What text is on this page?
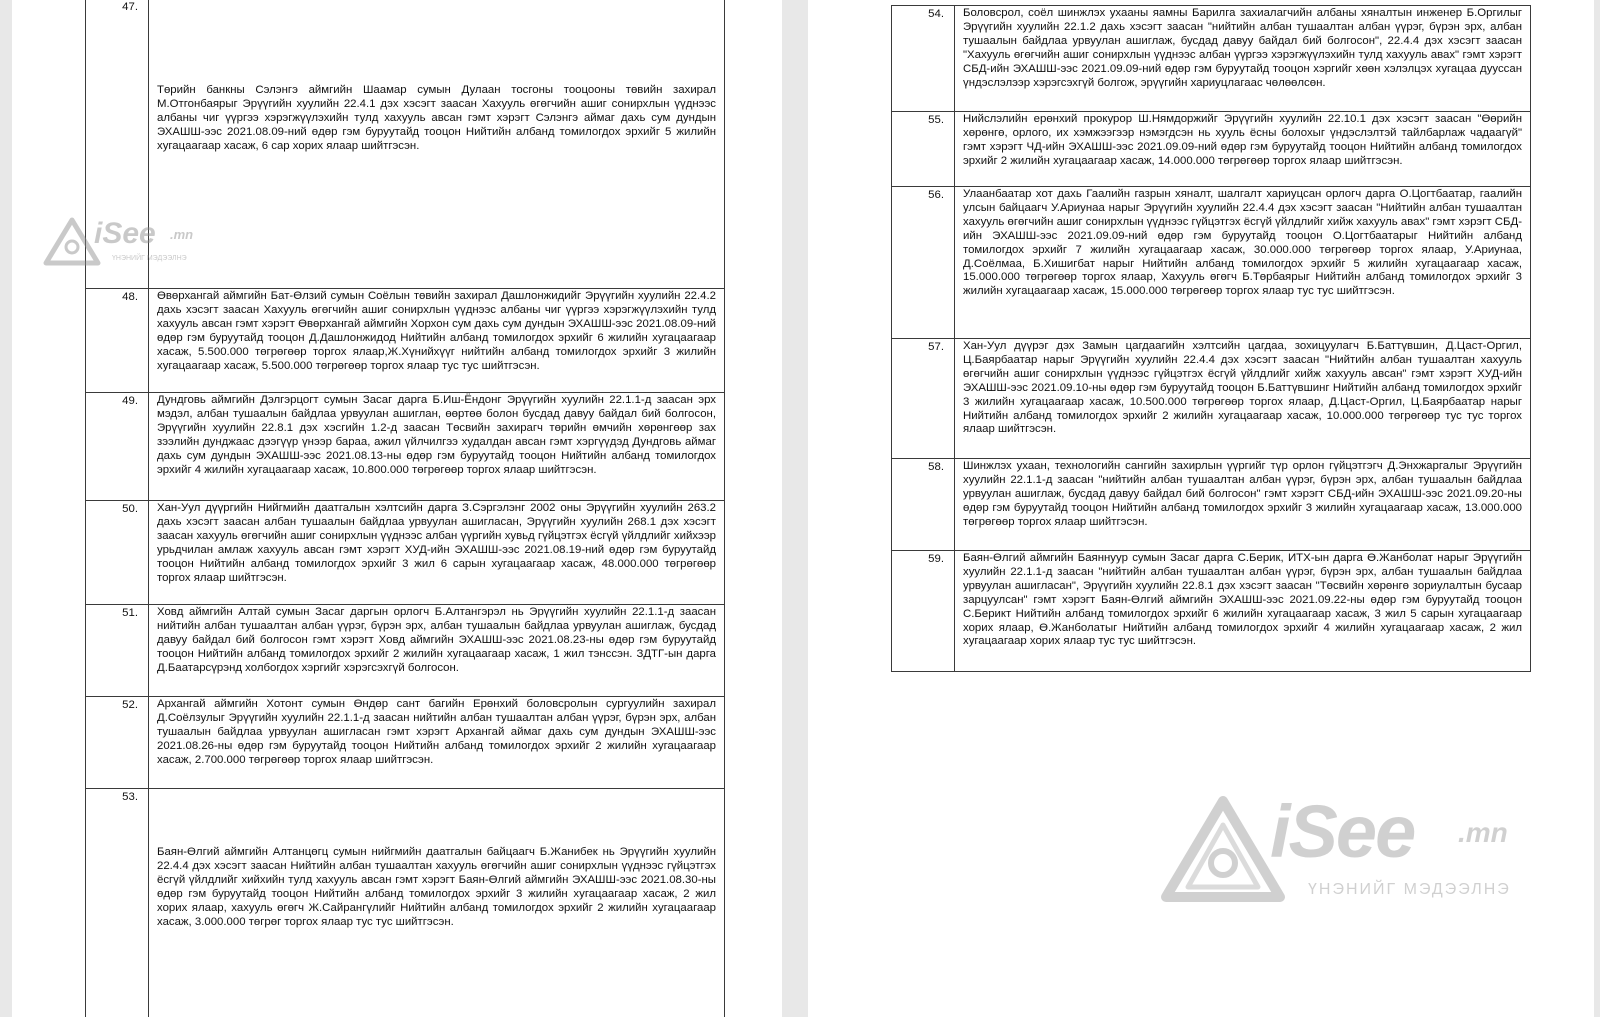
47.	Төрийн банкны Сэлэнгэ аймгийн Шаамар сумын Дулаан тосгоны тооцооны төвийн захирал М.Отгонбаярыг Эрүүгийн хуулийн 22.4.1 дэх хэсэгт заасан Хахууль өгөгчийн ашиг сонирхлын үүднээс албаны чиг үүргээ хэрэгжүүлэхийн тулд хахууль авсан гэмт хэрэгт Сэлэнгэ аймаг дахь сум дундын ЭХАШШ-ээс 2021.08.09-ний өдөр гэм буруутайд тооцон Нийтийн албанд томилогдох эрхийг 5 жилийн хугацаагаар хасаж, 6 сар хорих ялаар шийтгэсэн.
48.	Өвөрхангай аймгийн Бат-Өлзий сумын Соёлын төвийн захирал Дашлонжидийг Эрүүгийн хуулийн 22.4.2 дахь хэсэгт заасан Хахууль өгөгчийн ашиг сонирхлын үүднээс албаны чиг үүргээ хэрэгжүүлэхийн тулд хахууль авсан гэмт хэрэгт Өвөрхангай аймгийн Хорхон сум дахь сум дундын ЭХАШШ-ээс 2021.08.09-ний өдөр гэм буруутайд тооцон Д.Дашлонжидод Нийтийн албанд томилогдох эрхийг 6 жилийн хугацаагаар хасаж, 5.500.000 төгрөгөөр торгох ялаар,Ж.Хүнийхүүг нийтийн албанд томилогдох эрхийг 3 жилийн хугацаагаар хасаж, 5.500.000 төгрөгөөр торгох ялаар тус тус шийтгэсэн.
49.	Дундговь аймгийн Дэлгэрцогт сумын Засаг дарга Б.Иш-Ёндонг Эрүүгийн хуулийн 22.1.1-д заасан эрх мэдэл, албан тушаалын байдлаа урвуулан ашиглан, өөртөө болон бусдад давуу байдал бий болгосон, Эрүүгийн хуулийн 22.8.1 дэх хэсгийн 1.2-д заасан Төсвийн захирагч төрийн өмчийн хөрөнгөөр зах зээлийн дунджаас дээгүүр үнээр бараа, ажил үйлчилгээ худалдан авсан гэмт хэргүүдэд Дундговь аймаг дахь сум дундын ЭХАШШ-ээс 2021.08.13-ны өдөр гэм буруутайд тооцон Нийтийн албанд томилогдох эрхийг 4 жилийн хугацаагаар хасаж, 10.800.000 төгрөгөөр торгох ялаар шийтгэсэн.
50.	Хан-Уул дүүргийн Нийгмийн даатгалын хэлтсийн дарга З.Сэргэлэнг 2002 оны Эрүүгийн хуулийн 263.2 дахь хэсэгт заасан албан тушаалын байдлаа урвуулан ашигласан, Эрүүгийн хуулийн 268.1 дэх хэсэгт заасан хахууль өгөгчийн ашиг сонирхлын үүднээс албан үүргийн хувьд гүйцэтгэх ёсгүй үйлдлийг хийхээр урьдчилан амлаж хахууль авсан гэмт хэрэгт ХУД-ийн ЭХАШШ-ээс 2021.08.19-ний өдөр гэм буруутайд тооцон Нийтийн албанд томилогдох эрхийг 3 жил 6 сарын хугацаагаар хасаж, 48.000.000 төгрөгөөр торгох ялаар шийтгэсэн.
51.	Ховд аймгийн Алтай сумын Засаг даргын орлогч Б.Алтангэрэл нь Эрүүгийн хуулийн 22.1.1-д заасан нийтийн албан тушаалтан албан үүрэг, бүрэн эрх, албан тушаалын байдлаа урвуулан ашиглаж, бусдад давуу байдал бий болгосон гэмт хэрэгт Ховд аймгийн ЭХАШШ-ээс 2021.08.23-ны өдөр гэм буруутайд тооцон Нийтийн албанд томилогдох эрхийг 2 жилийн хугацаагаар хасаж, 1 жил тэнссэн. ЗДТГ-ын дарга Д.Баатарсүрэнд холбогдох хэргийг хэрэгсэхгүй болгосон.
52.	Архангай аймгийн Хотонт сумын Өндөр сант багийн Ерөнхий боловсролын сургуулийн захирал Д.Соёлзулыг Эрүүгийн хуулийн 22.1.1-д заасан нийтийн албан тушаалтан албан үүрэг, бүрэн эрх, албан тушаалын байдлаа урвуулан ашигласан гэмт хэрэгт Архангай аймаг дахь сум дундын ЭХАШШ-ээс 2021.08.26-ны өдөр гэм буруутайд тооцон Нийтийн албанд томилогдох эрхийг 2 жилийн хугацаагаар хасаж, 2.700.000 төгрөгөөр торгох ялаар шийтгэсэн.
53.	Баян-Өлгий аймгийн Алтанцөгц сумын нийгмийн даатгалын байцаагч Б.Жанибек нь Эрүүгийн хуулийн 22.4.4 дэх хэсэгт заасан Нийтийн албан тушаалтан хахууль өгөгчийн ашиг сонирхлын үүднээс гүйцэтгэх ёсгүй үйлдлийг хийхийн тулд хахууль авсан гэмт хэрэгт Баян-Өлгий аймгийн ЭХАШШ-ээс 2021.08.30-ны өдөр гэм буруутайд тооцон Нийтийн албанд томилогдох эрхийг 3 жилийн хугацаагаар хасаж, 2 жил хорих ялаар, хахууль өгөгч Ж.Сайрангүлийг Нийтийн албанд томилогдох эрхийг 2 жилийн хугацаагаар хасаж, 3.000.000 төгрөг торгох ялаар тус тус шийтгэсэн.
iSee .mn
ҮНЭНИЙГ МЭДЭЭЛНЭ
54.	Боловсрол, соёл шинжлэх ухааны яамны Барилга захиалагчийн албаны хяналтын инженер Б.Оргилыг Эрүүгийн хуулийн 22.1.2 дахь хэсэгт заасан "нийтийн албан тушаалтан албан үүрэг, бүрэн эрх, албан тушаалын байдлаа урвуулан ашиглаж, бусдад давуу байдал бий болгосон", 22.4.4 дэх хэсэгт заасан "Хахууль өгөгчийн ашиг сонирхлын үүднээс албан үүргээ хэрэгжүүлэхийн тулд хахууль авах" гэмт хэрэгт СБД-ийн ЭХАШШ-ээс 2021.09.09-ний өдөр гэм буруутайд тооцон хэргийг хөөн хэлэлцэх хугацаа дуусcан үндэслэлээр хэрэгсэхгүй болгож, эрүүгийн хариуцлагаас чөлөөлсөн.
55.	Нийслэлийн ерөнхий прокурор Ш.Нямдоржийг Эрүүгийн хуулийн 22.10.1 дэх хэсэгт заасан "Өөрийн хөрөнгө, орлого, их хэмжээгээр нэмэгдсэн нь хууль ёсны болохыг үндэслэлтэй тайлбарлаж чадаагүй" гэмт хэрэгт ЧД-ийн ЭХАШШ-ээс 2021.09.09-ний өдөр гэм буруутайд тооцон Нийтийн албанд томилогдох эрхийг 2 жилийн хугацаагаар хасаж, 14.000.000 төгрөгөөр торгох ялаар шийтгэсэн.
56.	Улаанбаатар хот дахь Гаалийн газрын хяналт, шалгалт хариуцсан орлогч дарга О.Цогтбаатар, гаалийн улсын байцаагч У.Ариунаа нарыг Эрүүгийн хуулийн 22.4.4 дэх хэсэгт заасан "Нийтийн албан тушаалтан хахууль өгөгчийн ашиг сонирхлын үүднээс гүйцэтгэх ёсгүй үйлдлийг хийж хахууль авах" гэмт хэрэгт СБД-ийн ЭХАШШ-ээс 2021.09.09-ний өдөр гэм буруутайд тооцон О.Цогтбаатарыг Нийтийн албанд томилогдох эрхийг 7 жилийн хугацаагаар хасаж, 30.000.000 төгрөгөөр торгох ялаар, У.Ариунаа, Д.Соёлмаа, Б.Хишигбат нарыг Нийтийн албанд томилогдох эрхийг 5 жилийн хугацаагаар хасаж, 15.000.000 төгрөгөөр торгох ялаар, Хахууль өгөгч Б.Төрбаярыг Нийтийн албанд томилогдох эрхийг 3 жилийн хугацаагаар хасаж, 15.000.000 төгрөгөөр торгох ялаар тус тус шийтгэсэн.
57.	Хан-Уул дүүрэг дэх Замын цагдаагийн хэлтсийн цагдаа, зохицуулагч Б.Баттүвшин, Д.Цаст-Оргил, Ц.Баярбаатар нарыг Эрүүгийн хуулийн 22.4.4 дэх хэсэгт заасан "Нийтийн албан тушаалтан хахууль өгөгчийн ашиг сонирхлын үүднээс гүйцэтгэх ёсгүй үйлдлийг хийж хахууль авсан" гэмт хэрэгт ХУД-ийн ЭХАШШ-ээс 2021.09.10-ны өдөр гэм буруутайд тооцон Б.Баттүвшинг Нийтийн албанд томилогдох эрхийг 3 жилийн хугацаагаар хасаж, 10.500.000 төгрөгөөр торгох ялаар, Д.Цаст-Оргил, Ц.Баярбаатар нарыг Нийтийн албанд томилогдох эрхийг 2 жилийн хугацаагаар хасаж, 10.000.000 төгрөгөөр тус тус торгох ялаар шийтгэсэн.
58.	Шинжлэх ухаан, технологийн сангийн захирлын үүргийг түр орлон гүйцэтгэгч Д.Энхжаргалыг Эрүүгийн хуулийн 22.1.1-д заасан "нийтийн албан тушаалтан албан үүрэг, бүрэн эрх, албан тушаалын байдлаа урвуулан ашиглаж, бусдад давуу байдал бий болгосон" гэмт хэрэгт СБД-ийн ЭХАШШ-ээс 2021.09.20-ны өдөр гэм буруутайд тооцон Нийтийн албанд томилогдох эрхийг 3 жилийн хугацаагаар хасаж, 13.000.000 төгрөгөөр торгох ялаар шийтгэсэн.
59.	Баян-Өлгий аймгийн Баяннуур сумын Засаг дарга С.Берик, ИТХ-ын дарга Ө.Жанболат нарыг Эрүүгийн хуулийн 22.1.1-д заасан "нийтийн албан тушаалтан албан үүрэг, бүрэн эрх, албан тушаалын байдлаа урвуулан ашигласан", Эрүүгийн хуулийн 22.8.1 дэх хэсэгт заасан "Төсвийн хөрөнгө зориулалтын бусаар зарцуулсан" гэмт хэрэгт Баян-Өлгий аймгийн ЭХАШШ-ээс 2021.09.22-ны өдөр гэм буруутайд тооцон С.Берикт Нийтийн албанд томилогдох эрхийг 6 жилийн хугацаагаар хасаж, 3 жил 5 сарын хугацаагаар хорих ялаар, Ө.Жанболатыг Нийтийн албанд томилогдох эрхийг 4 жилийн хугацаагаар хасаж, 2 жил хугацаагаар хорих ялаар тус тус шийтгэсэн.
iSee .mn
ҮНЭНИЙГ МЭДЭЭЛНЭ
